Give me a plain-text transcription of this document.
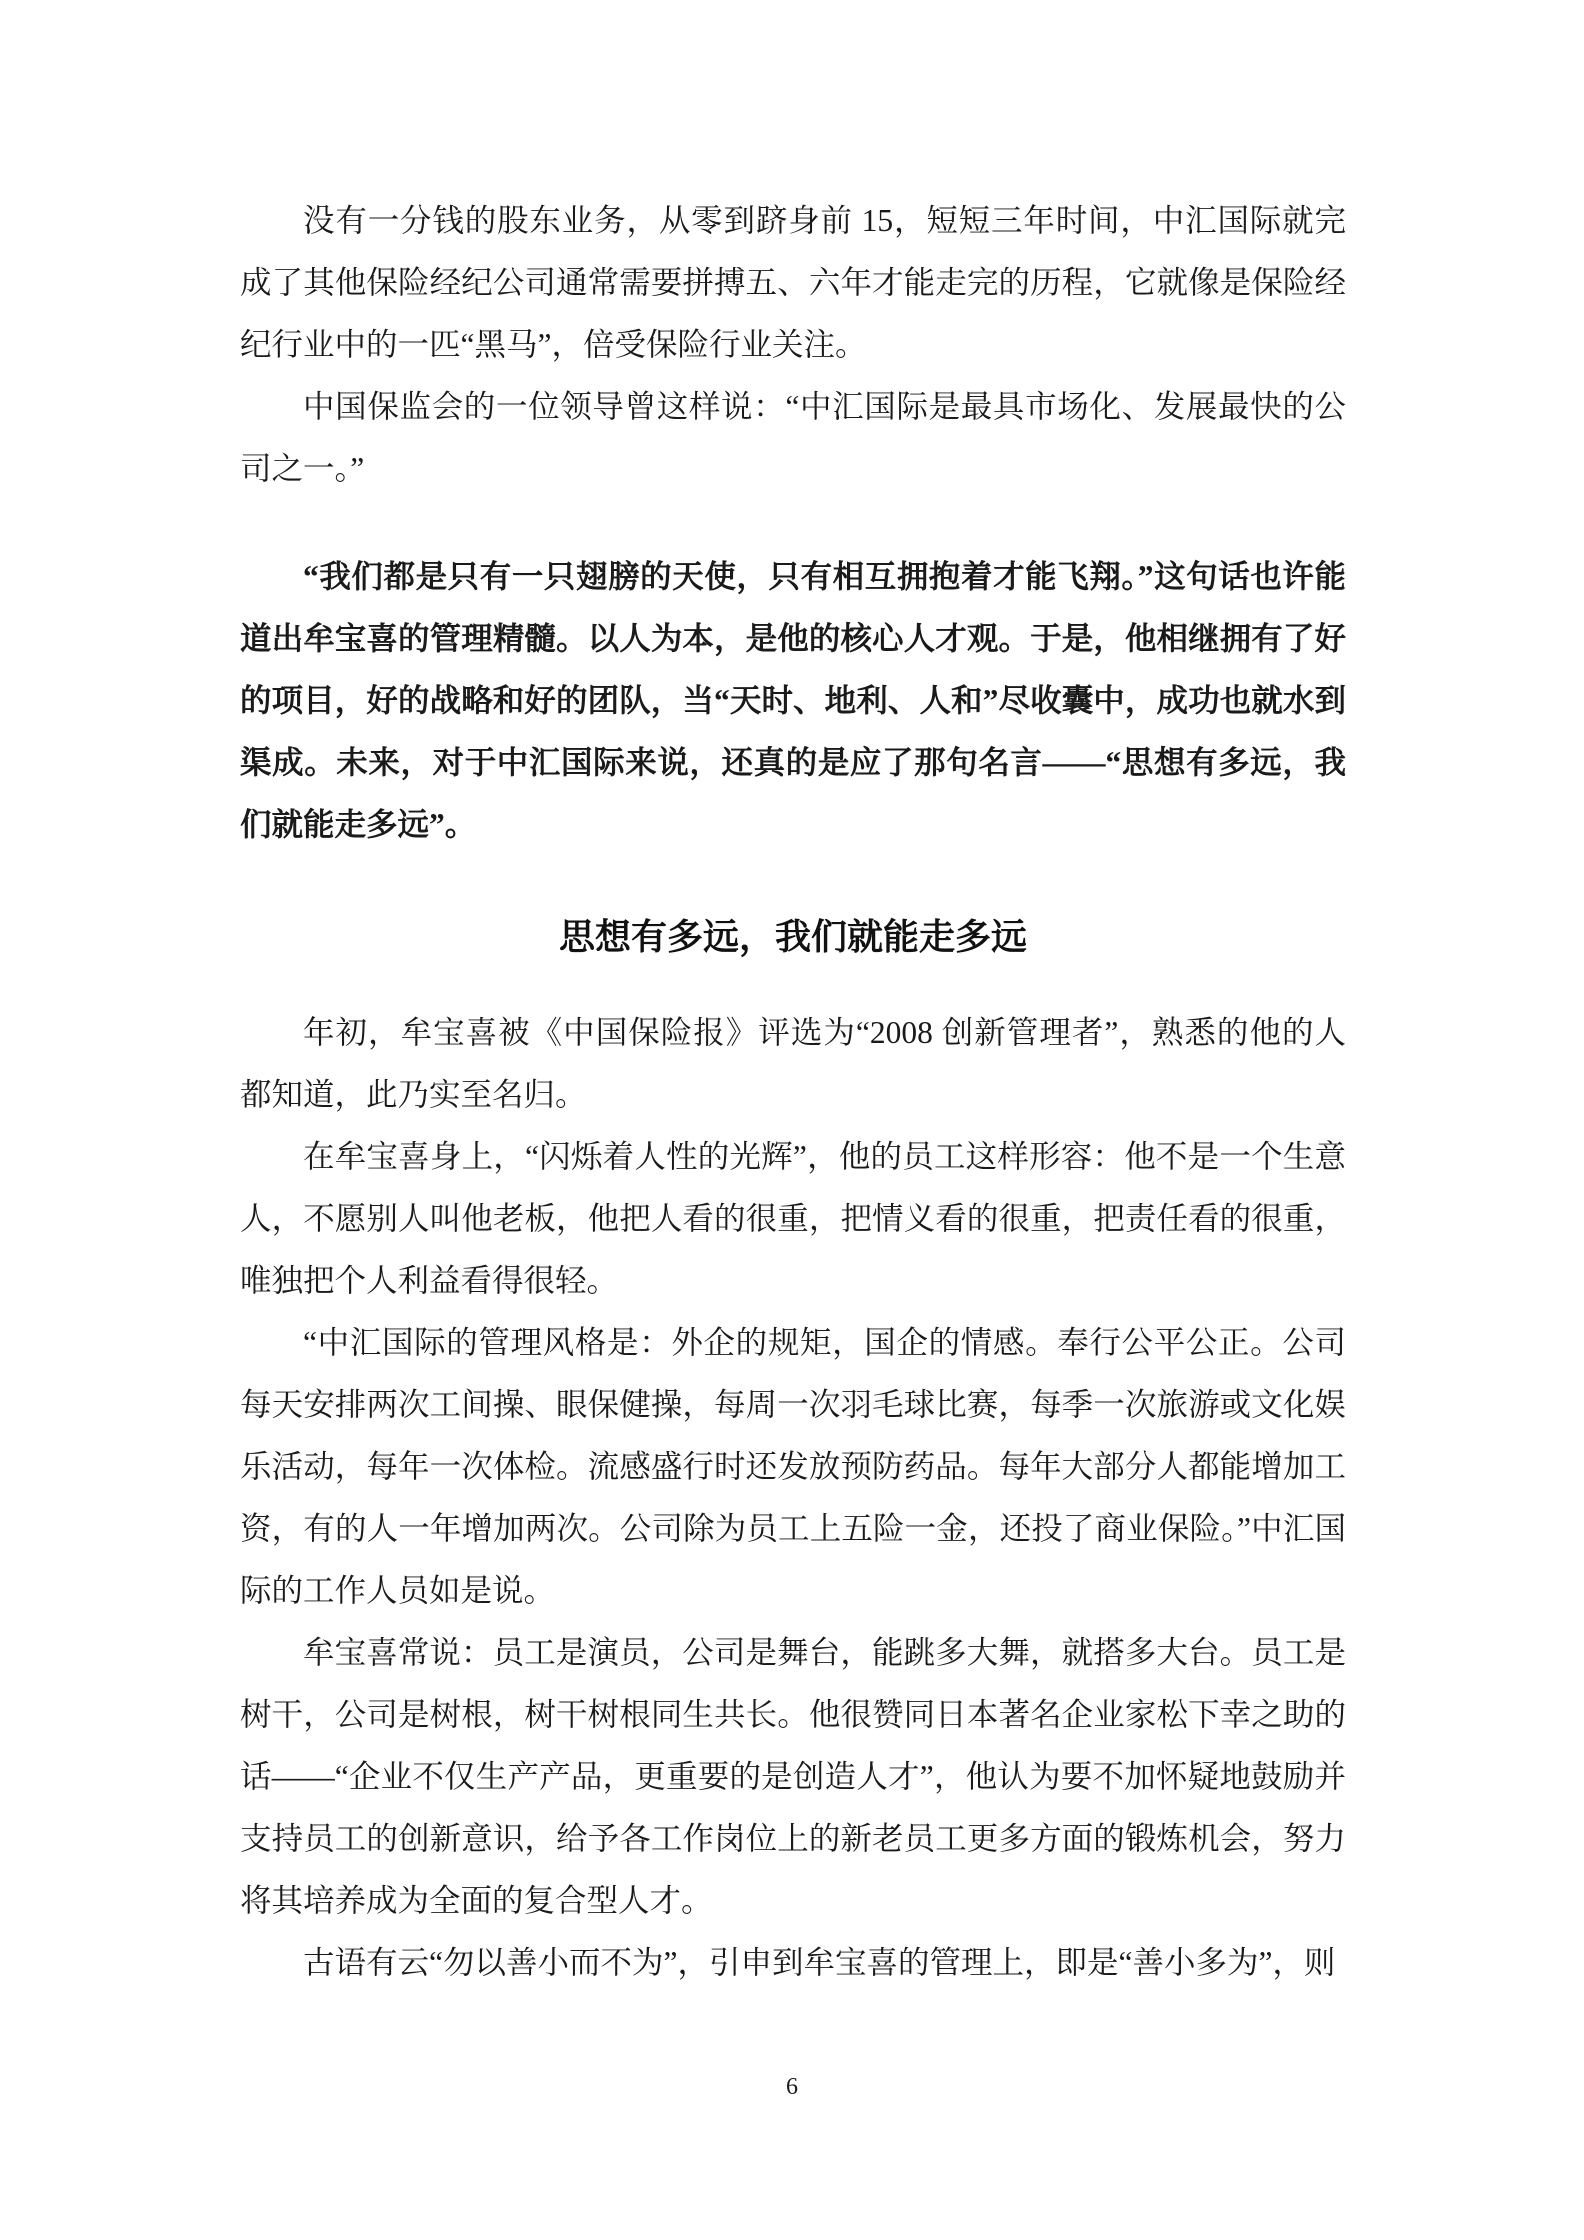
没有一分钱的股东业务，从零到跻身前 15，短短三年时间，中汇国际就完成了其他保险经纪公司通常需要拼搏五、六年才能走完的历程，它就像是保险经纪行业中的一匹“黑马”，倍受保险行业关注。

中国保监会的一位领导曾这样说：“中汇国际是最具市场化、发展最快的公司之一。”

“我们都是只有一只翅膀的天使，只有相互拥抱着才能飞翔。”这句话也许能道出牟宝喜的管理精髓。以人为本，是他的核心人才观。于是，他相继拥有了好的项目，好的战略和好的团队，当“天时、地利、人和”尽收囊中，成功也就水到渠成。未来，对于中汇国际来说，还真的是应了那句名言——“思想有多远，我们就能走多远”。

思想有多远，我们就能走多远

年初，牟宝喜被《中国保险报》评选为“2008 创新管理者”，熟悉的他的人都知道，此乃实至名归。

在牟宝喜身上，“闪烁着人性的光辉”，他的员工这样形容：他不是一个生意人，不愿别人叫他老板，他把人看的很重，把情义看的很重，把责任看的很重，唯独把个人利益看得很轻。

“中汇国际的管理风格是：外企的规矩，国企的情感。奉行公平公正。公司每天安排两次工间操、眼保健操，每周一次羽毛球比赛，每季一次旅游或文化娱乐活动，每年一次体检。流感盛行时还发放预防药品。每年大部分人都能增加工资，有的人一年增加两次。公司除为员工上五险一金，还投了商业保险。”中汇国际的工作人员如是说。

牟宝喜常说：员工是演员，公司是舞台，能跳多大舞，就搭多大台。员工是树干，公司是树根，树干树根同生共长。他很赞同日本著名企业家松下幸之助的话——“企业不仅生产产品，更重要的是创造人才”，他认为要不加怀疑地鼓励并支持员工的创新意识，给予各工作岗位上的新老员工更多方面的锻炼机会，努力将其培养成为全面的复合型人才。

古语有云“勿以善小而不为”，引申到牟宝喜的管理上，即是“善小多为”，则

6
